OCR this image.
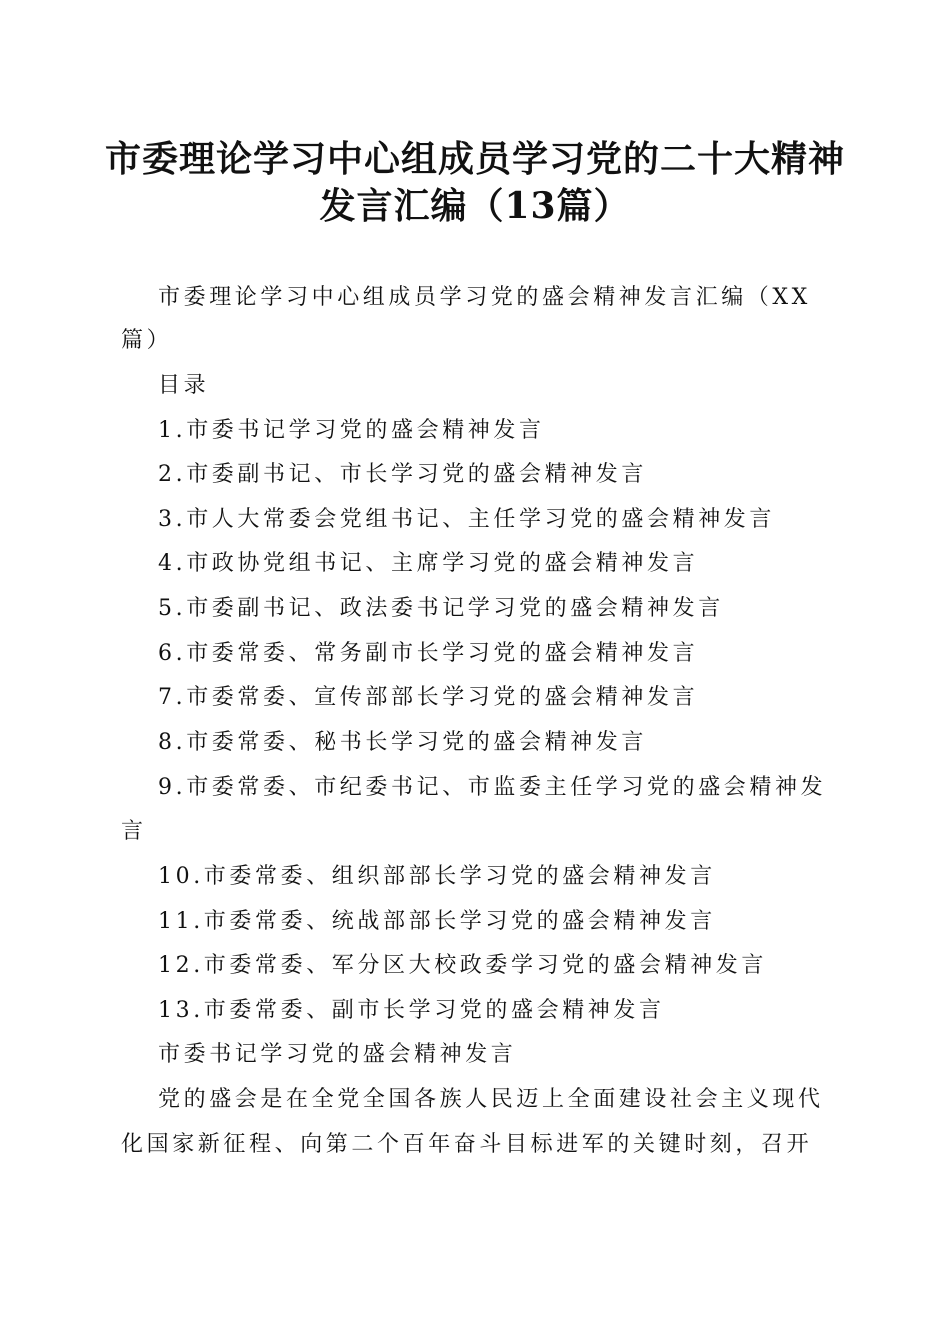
市委理论学习中心组成员学习党的二十大精神
发言汇编（13篇）
市委理论学习中心组成员学习党的盛会精神发言汇编（XX
篇）
目录
1.市委书记学习党的盛会精神发言
2.市委副书记、市长学习党的盛会精神发言
3.市人大常委会党组书记、主任学习党的盛会精神发言
4.市政协党组书记、主席学习党的盛会精神发言
5.市委副书记、政法委书记学习党的盛会精神发言
6.市委常委、常务副市长学习党的盛会精神发言
7.市委常委、宣传部部长学习党的盛会精神发言
8.市委常委、秘书长学习党的盛会精神发言
9.市委常委、市纪委书记、市监委主任学习党的盛会精神发
言
10.市委常委、组织部部长学习党的盛会精神发言
11.市委常委、统战部部长学习党的盛会精神发言
12.市委常委、军分区大校政委学习党的盛会精神发言
13.市委常委、副市长学习党的盛会精神发言
市委书记学习党的盛会精神发言
党的盛会是在全党全国各族人民迈上全面建设社会主义现代
化国家新征程、向第二个百年奋斗目标进军的关键时刻，召开
